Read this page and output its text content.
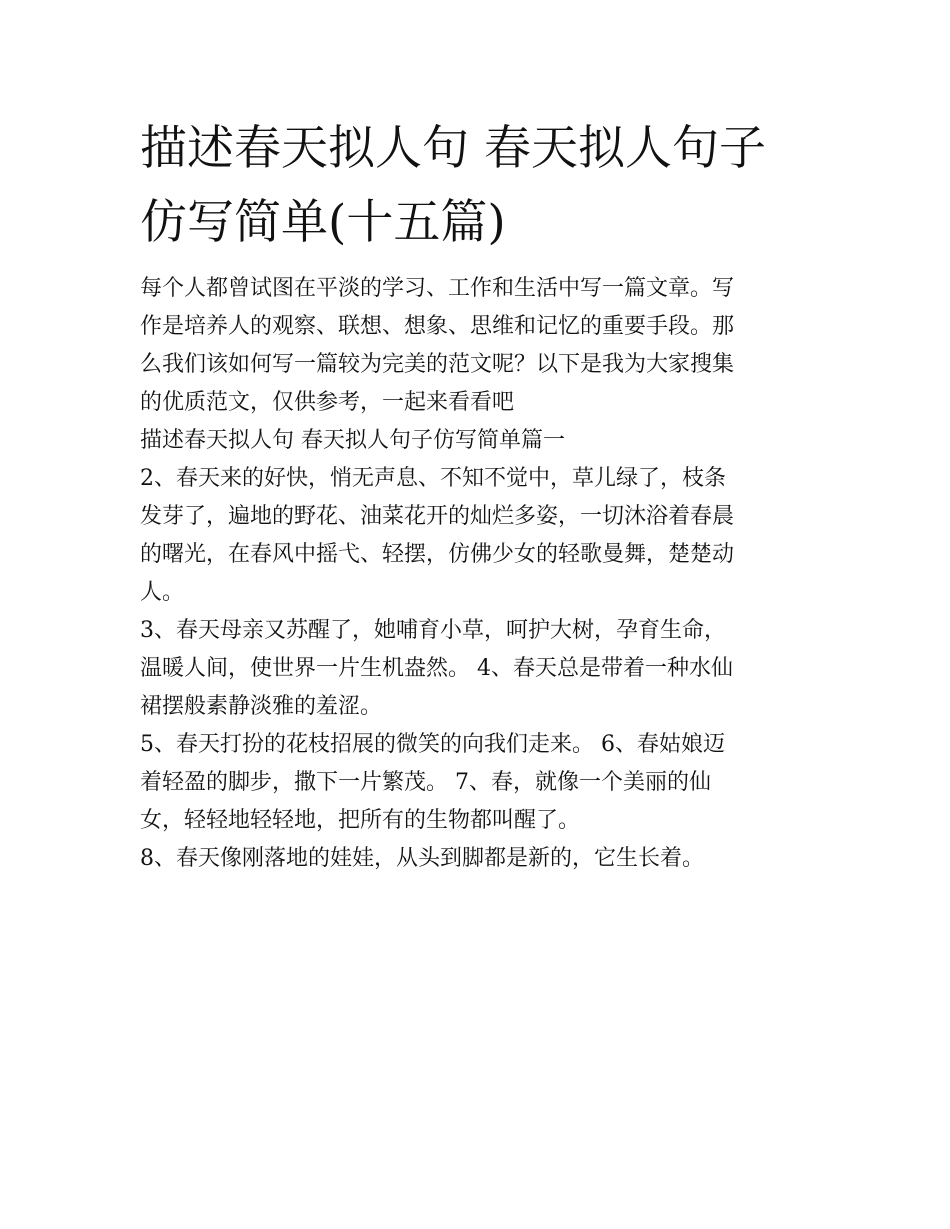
描述春天拟人句 春天拟人句子
仿写简单(十五篇)
每个人都曾试图在平淡的学习、工作和生活中写一篇文章。写
作是培养人的观察、联想、想象、思维和记忆的重要手段。那
么我们该如何写一篇较为完美的范文呢？以下是我为大家搜集
的优质范文，仅供参考，一起来看看吧
描述春天拟人句 春天拟人句子仿写简单篇一
2、春天来的好快，悄无声息、不知不觉中，草儿绿了，枝条
发芽了，遍地的野花、油菜花开的灿烂多姿，一切沐浴着春晨
的曙光，在春风中摇弋、轻摆，仿佛少女的轻歌曼舞，楚楚动
人。
3、春天母亲又苏醒了，她哺育小草，呵护大树，孕育生命，
温暖人间，使世界一片生机盎然。 4、春天总是带着一种水仙
裙摆般素静淡雅的羞涩。
5、春天打扮的花枝招展的微笑的向我们走来。 6、春姑娘迈
着轻盈的脚步，撒下一片繁茂。 7、春，就像一个美丽的仙
女，轻轻地轻轻地，把所有的生物都叫醒了。
8、春天像刚落地的娃娃，从头到脚都是新的，它生长着。
